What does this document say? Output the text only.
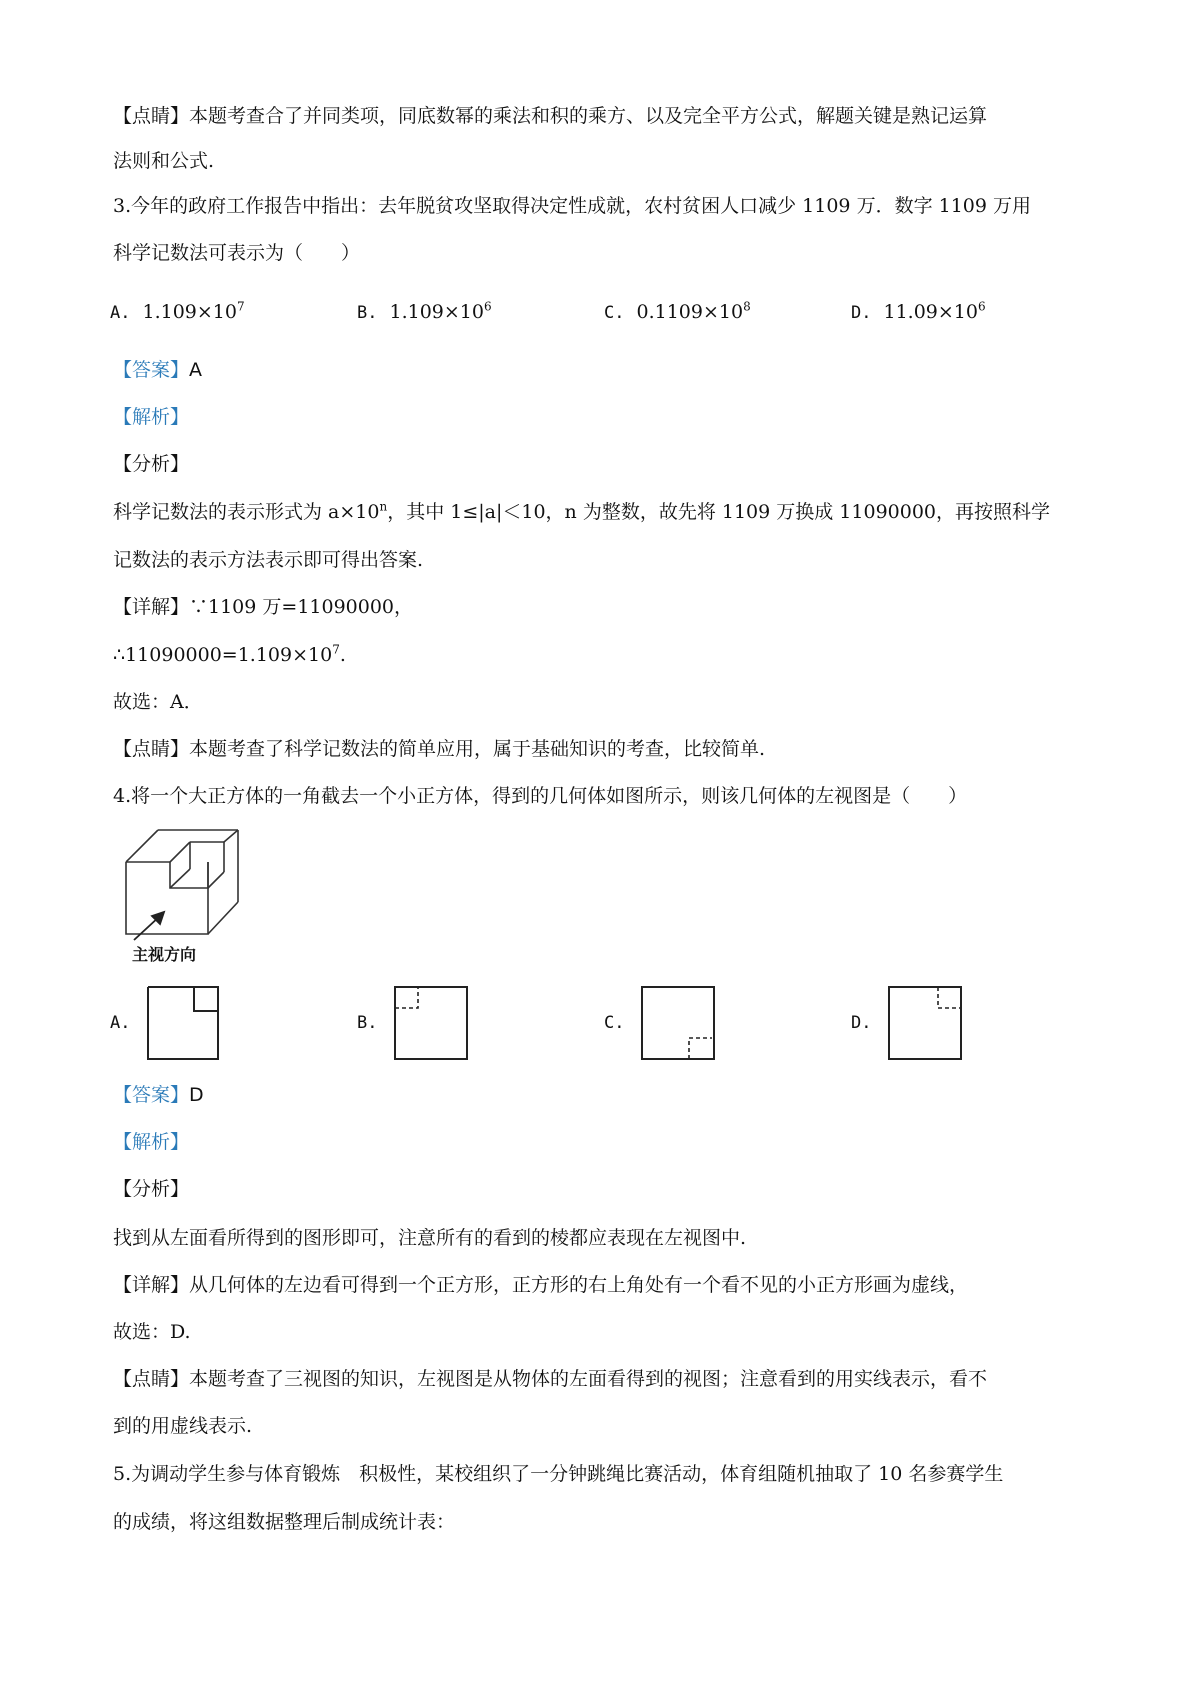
【点睛】本题考查合了并同类项，同底数幂的乘法和积的乘方、以及完全平方公式，解题关键是熟记运算
法则和公式.
3.今年的政府工作报告中指出：去年脱贫攻坚取得决定性成就，农村贫困人口减少 1109 万．数字 1109 万用
科学记数法可表示为（　　）
A. $1.109\times 10^7$	B. $1.109\times 10^6$	C. $0.1109\times 10^8$	D. $11.09\times 10^6$
【答案】A
【解析】
【分析】
科学记数法的表示形式为 $a\times 10^n$，其中 1≤|a|＜10，n 为整数，故先将 1109 万换成 11090000，再按照科学
记数法的表示方法表示即可得出答案.
【详解】∵1109 万=11090000，
$\therefore 11090000=1.109\times 10^7$.
故选：A．
【点睛】本题考查了科学记数法的简单应用，属于基础知识的考查，比较简单.
4.将一个大正方体的一角截去一个小正方体，得到的几何体如图所示，则该几何体的左视图是（　　）
主视方向
A.	B.	C.	D.
【答案】D
【解析】
【分析】
找到从左面看所得到的图形即可，注意所有的看到的棱都应表现在左视图中.
【详解】从几何体的左边看可得到一个正方形，正方形的右上角处有一个看不见的小正方形画为虚线，
故选：D.
【点睛】本题考查了三视图的知识，左视图是从物体的左面看得到的视图；注意看到的用实线表示，看不
到的用虚线表示.
5.为调动学生参与体育锻炼　积极性，某校组织了一分钟跳绳比赛活动，体育组随机抽取了 10 名参赛学生
的成绩，将这组数据整理后制成统计表：
